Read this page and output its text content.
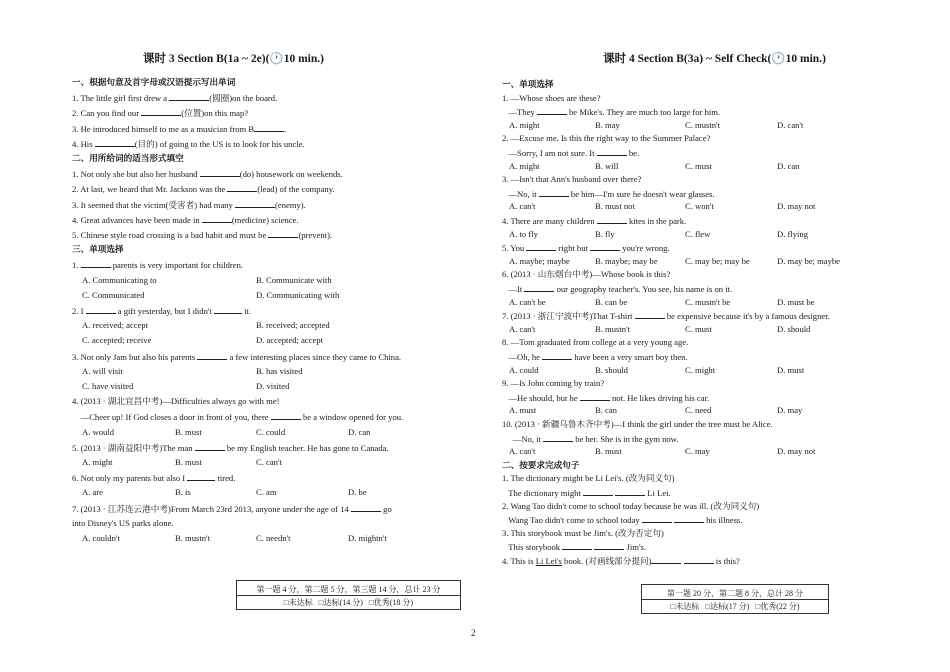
课时 3 Section B(1a ~ 2e)(🕐10 min.)
一、根据句意及首字母或汉语提示写出单词
1. The little girl first drew a	(圆圈)on the board.
2. Can you find our	(位置)on this map?
3. He introduced himself to me as a musician from B	.
4. His	(目的) of going to the US is to look for his uncle.
二、用所给词的适当形式填空
1. Not only she but also her husband	(do) housework on weekends.
2. At last, we heard that Mr. Jackson was the	(lead) of the company.
3. It seemed that the victim(受害者) had many	(enemy).
4. Great advances have been made in	(medicine) science.
5. Chinese style road crossing is a bad habit and must be	(prevent).
三、单项选择
1.	parents is very important for children.
A. Communicating to	B. Communicate with
C. Communicated	D. Communicating with
2. I	a gift yesterday, but I didn't	it.
A. received; accept	B. received; accepted
C. accepted; receive	D. accepted; accept
3. Not only Jam but also his parents	a few interesting places since they came to China.
A. will visit	B. has visited
C. have visited	D. visited
4. (2013 · 湖北宜昌中考)—Difficulties always go with me!
—Cheer up! If God closes a door in front of you, there	be a window opened for you.
A. would	B. must	C. could	D. can
5. (2013 · 湖南益阳中考)The man	be my English teacher. He has gone to Canada.
A. might	B. must	C. can't
6. Not only my parents but also I	tired.
A. are	B. is	C. am	D. be
7. (2013 · 江苏连云港中考)From March 23rd 2013, anyone under the age of 14	go
into Disney's US parks alone.
A. couldn't	B. mustn't	C. needn't	D. mightn't
第一题 4 分，第二题 5 分，第三题 14 分，总计 23 分
□未达标   □达标(14 分)   □优秀(18 分)
课时 4 Section B(3a) ~ Self Check(🕐10 min.)
一、单项选择
1. —Whose shoes are these?
—They	be Mike's. They are much too large for him.
A. might	B. may	C. mustn't	D. can't
2. —Excuse me. Is this the right way to the Summer Palace?
—Sorry, I am not sure. It	be.
A. might	B. will	C. must	D. can
3. —Isn't that Ann's husband over there?
—No, it	be him—I'm sure he doesn't wear glasses.
A. can't	B. must not	C. won't	D. may not
4. There are many children	kites in the park.
A. to fly	B. fly	C. flew	D. flying
5. You	right but	you're wrong.
A. maybe; maybe	B. maybe; may be	C. may be; may be	D. may be; maybe
6. (2013 · 山东烟台中考)—Whose book is this?
—It	our geography teacher's. You see, his name is on it.
A. can't be	B. can be	C. mustn't be	D. must be
7. (2013 · 浙江宁波中考)That T-shirt	be expensive because it's by a famous designer.
A. can't	B. mustn't	C. must	D. should
8. —Tom graduated from college at a very young age.
—Oh, he	have been a very smart boy then.
A. could	B. should	C. might	D. must
9. —Is John coming by train?
—He should, but he	not. He likes driving his car.
A. must	B. can	C. need	D. may
10. (2013 · 新疆乌鲁木齐中考)—I think the girl under the tree must be Alice.
—No, it	be her. She is in the gym now.
A. can't	B. must	C. may	D. may not
二、按要求完成句子
1. The dictionary might be Li Lei's. (改为同义句)
The dictionary might	Li Lei.
2. Wang Tao didn't come to school today because he was ill. (改为同义句)
Wang Tao didn't come to school today	his illness.
3. This storybook must be Jim's. (改为否定句)
This storybook	Jim's.
4. This is Li Lei's book. (对画线部分提问)	is this?
第一题 20 分，第二题 8 分，总计 28 分
□未达标   □达标(17 分)   □优秀(22 分)
2
